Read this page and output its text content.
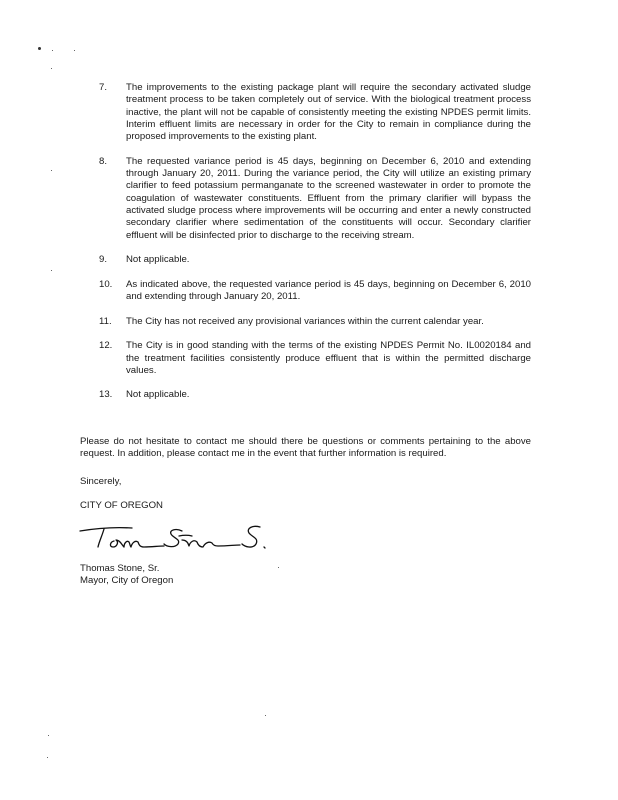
7.	The improvements to the existing package plant will require the secondary activated sludge treatment process to be taken completely out of service. With the biological treatment process inactive, the plant will not be capable of consistently meeting the existing NPDES permit limits. Interim effluent limits are necessary in order for the City to remain in compliance during the proposed improvements to the existing plant.
8.	The requested variance period is 45 days, beginning on December 6, 2010 and extending through January 20, 2011. During the variance period, the City will utilize an existing primary clarifier to feed potassium permanganate to the screened wastewater in order to promote the coagulation of wastewater constituents. Effluent from the primary clarifier will bypass the activated sludge process where improvements will be occurring and enter a newly constructed secondary clarifier where sedimentation of the constituents will occur. Secondary clarifier effluent will be disinfected prior to discharge to the receiving stream.
9.	Not applicable.
10.	As indicated above, the requested variance period is 45 days, beginning on December 6, 2010 and extending through January 20, 2011.
11.	The City has not received any provisional variances within the current calendar year.
12.	The City is in good standing with the terms of the existing NPDES Permit No. IL0020184 and the treatment facilities consistently produce effluent that is within the permitted discharge values.
13.	Not applicable.
Please do not hesitate to contact me should there be questions or comments pertaining to the above request. In addition, please contact me in the event that further information is required.
Sincerely,
CITY OF OREGON
Thomas Stone, Sr.
Mayor, City of Oregon
